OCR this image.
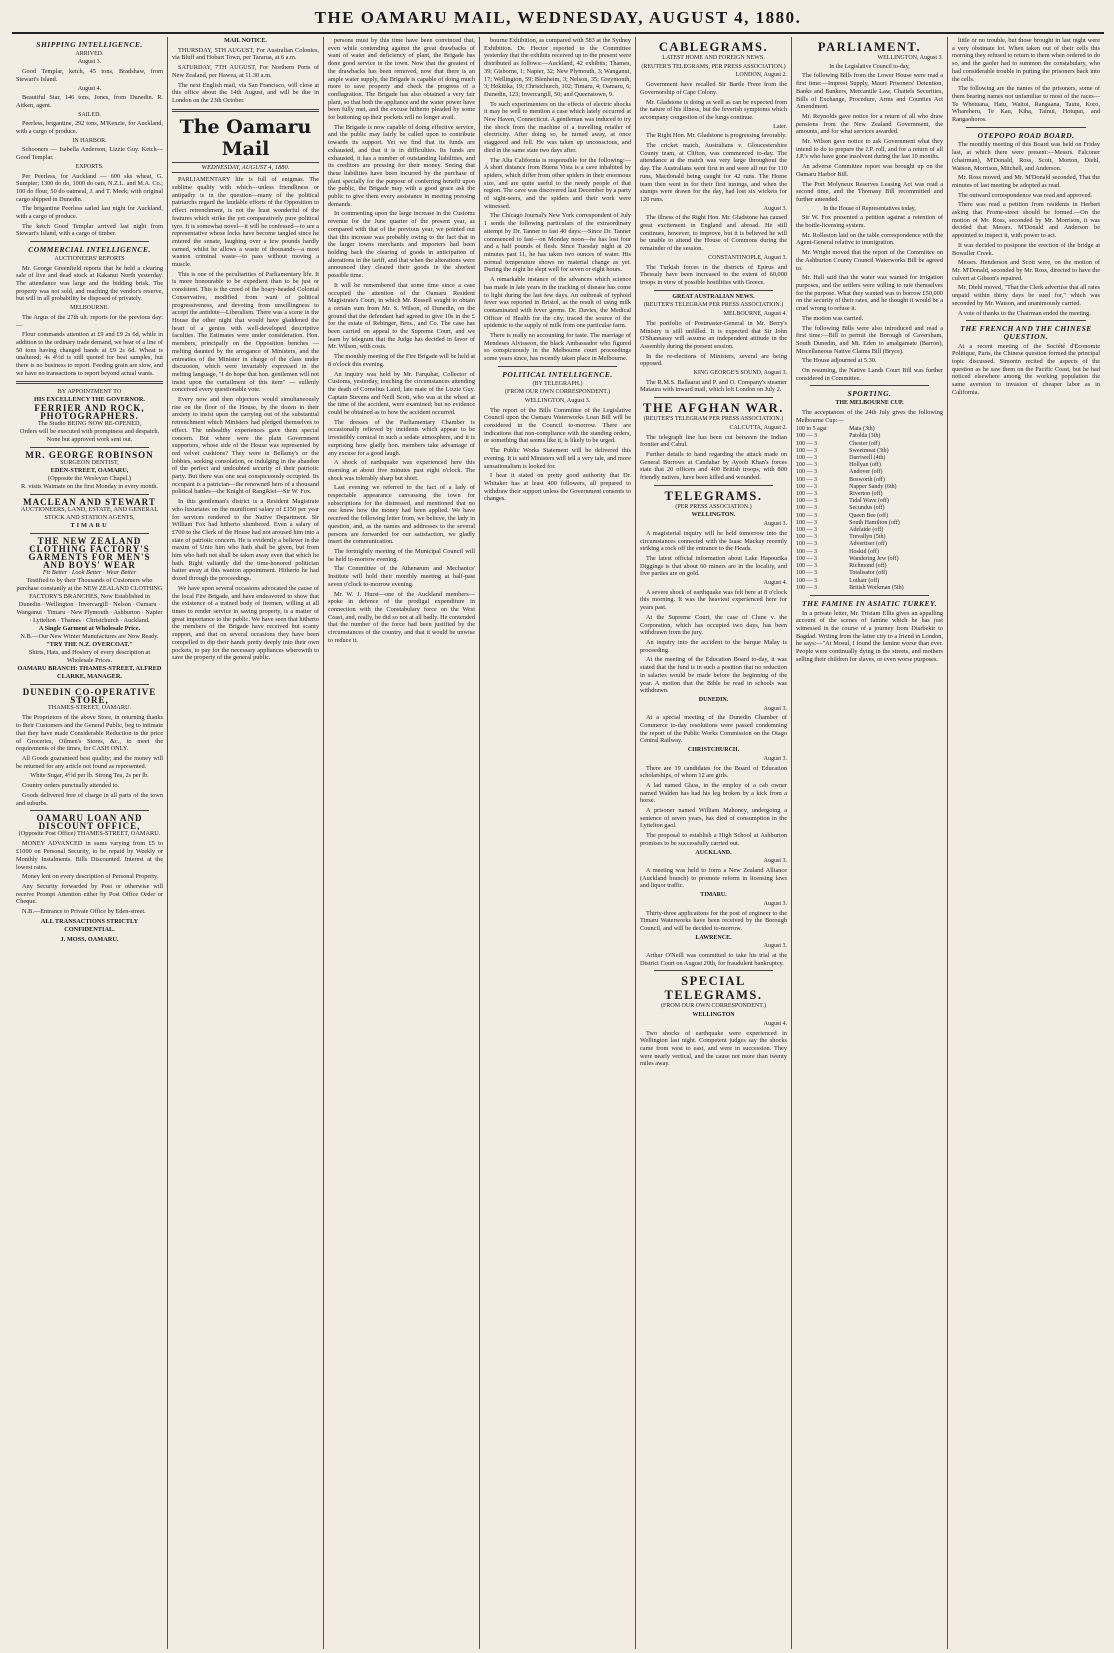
THE OAMARU MAIL, WEDNESDAY, AUGUST 4, 1880.
SHIPPING INTELLIGENCE.
ARRIVED.
August 3.

Good Templar, ketch, 45 tons, Bradshaw, from Stewart's Island.

August 4.

Beautiful Star, 146 tons, Jones, from Dunedin. R. Aitken, agent.

SAILED.

Peerless, brigantine, 292 tons, M'Kenzie, for Auckland, with a cargo of produce.

IN HARBOR.

Schooners — Isabella Anderson, Lizzie Guy. Ketch—Good Templar.

EXPORTS.

Per Peerless, for Auckland — 600 sks wheat, G. Sumpter; 1300 do do, 1000 do oats, N.Z.L. and M.A. Co.; 100 do flour, 50 do oatmeal, J. and T. Meek; with original cargo shipped in Dunedin.

The brigantine Peerless sailed last night for Auckland, with a cargo of produce.

The ketch Good Templar arrived last night from Stewart's Island, with a cargo of timber.

COMMERCIAL INTELLIGENCE.
AUCTIONEERS' REPORTS

Mr. George Greenfield reports that he held a clearing sale of live and dead stock at Kakanui North yesterday. The attendance was large and the bidding brisk. The property was not sold, and reaching the vendor's reserve, but will in all probability be disposed of privately.

MELBOURNE.

The Argus of the 27th ult. reports for the previous day:—

Flour commands attention at £9 and £9 2s 6d, while in addition to the ordinary trade demand, we hear of a line of 50 tons having changed hands at £9 2s 6d. Wheat is unaltered; 4s 4½d is still quoted for best samples, but there is no business to report. Feeding grain are slow, and we have no transactions to report beyond actual wants.

BY APPOINTMENT TO
HIS EXCELLENCY THE GOVERNOR.
FERRIER AND ROCK, PHOTOGRAPHERS.
The Studio BEING NOW RE-OPENED,
Orders will be executed with promptness and despatch. None but approved work sent out.
MR. GEORGE ROBINSON
SURGEON DENTIST,
EDEN-STREET, OAMARU,
(Opposite the Wesleyan Chapel.)
R. visits Waimate on the first Monday in every month.
MACLEAN AND STEWART
AUCTIONEERS, LAND, ESTATE, AND GENERAL STOCK AND STATION AGENTS,
TIMARU
THE NEW ZEALAND CLOTHING FACTORY'S GARMENTS FOR MEN'S AND BOYS' WEAR
Fit Better · Look Better · Wear Better
Testified to by their Thousands of Customers who purchase constantly at the NEW ZEALAND CLOTHING FACTORY'S BRANCHES, Now Established in
Dunedin · Wellington · Invercargill · Nelson · Oamaru · Wanganui · Timaru · New Plymouth · Ashburton · Napier · Lyttelton · Thames · Christchurch · Auckland.
A Single Garment at Wholesale Price.
N.B.—Our New Winter Manufactures are Now Ready.
"TRY THE N.Z. OVERCOAT."
Shirts, Hats, and Hosiery of every description at Wholesale Prices.
OAMARU BRANCH: THAMES-STREET, ALFRED CLARKE, MANAGER.
DUNEDIN CO-OPERATIVE STORE,
THAMES-STREET, OAMARU.

The Proprietors of the above Store, in returning thanks to their Customers and the General Public, beg to intimate that they have made Considerable Reduction in the price of Groceries, Oilmen's Stores, &c., to meet the requirements of the times, for CASH ONLY.

All Goods guaranteed best quality; and the money will be returned for any article not found as represented.

White Sugar, 4½d per lb. Strong Tea, 2s per lb.

Country orders punctually attended to.

Goods delivered free of charge in all parts of the town and suburbs.

OAMARU LOAN AND DISCOUNT OFFICE,
(Opposite Post Office) THAMES-STREET, OAMARU.

MONEY ADVANCED in sums varying from £5 to £1000 on Personal Security, to be repaid by Weekly or Monthly Instalments. Bills Discounted. Interest at the lowest rates.

Money lent on every description of Personal Property.

Any Security forwarded by Post or otherwise will receive Prompt Attention either by Post Office Order or Cheque.

N.B.—Entrance to Private Office by Eden-street.

ALL TRANSACTIONS STRICTLY CONFIDENTIAL.
J. MOSS, OAMARU.
MAIL NOTICE.

THURSDAY, 5TH AUGUST, For Australian Colonies, via Bluff and Hobart Town, per Tararua, at 6 a.m.

SATURDAY, 7TH AUGUST, For Northern Ports of New Zealand, per Hawea, at 11.30 a.m.

The next English mail, via San Francisco, will close at this office about the 14th August, and will be due in London on the 23th October.

The Oamaru Mail
WEDNESDAY, AUGUST 4, 1880.

PARLIAMENTARY life is full of enigmas. The sublime quality with which—unless friendliness or antipathy is in the question—many of the political patriarchs regard the laudable efforts of the Opposition to effect retrenchment, is not the least wonderful of the features which strike the yet comparatively pure political tyro. It is somewhat novel—it will be confessed—to see a representative whose locks have become tangled since he entered the senate, laughing over a few pounds hardly earned, whilst he allows a waste of thousands—a most wanton criminal waste—to pass without moving a muscle.

This is one of the peculiarities of Parliamentary life. It is more honourable to be expedient than to be just or consistent. This is the creed of the hoary-headed Colonial Conservative, modified from want of political progressiveness, and devoting from unwillingness to accept the antidote—Liberalism. There was a scene in the House the other night that would have gladdened the heart of a genius with well-developed descriptive faculties. The Estimates were under consideration. Hon. members, principally on the Opposition benches — melting daunted by the arrogance of Ministers, and the entreaties of the Minister in charge of the class under discussion, which were invariably expressed in the melting language, "I do hope that hon. gentlemen will not insist upon the curtailment of this item" — sullenly conceived every questionable vote.

Every now and then objectors would simultaneously rise on the floor of the House, by the dozen in their anxiety to insist upon the carrying out of the substantial retrenchment which Ministers had pledged themselves to effect. The unhealthy experiences gave them special concern. But where were the plain Government supporters, whose side of the House was represented by red velvet cushions? They were in Bellamy's or the lobbies, seeking consolation, or indulging in the abandon of the perfect and undoubted security of their patriotic party. But there was one seat conspicuously occupied. Its occupant is a patrician—the renowned hero of a thousand political battles—the Knight of Rangikiei—Sir W. Fox.

In this gentleman's district is a Resident Magistrate who luxuriates on the munificent salary of £150 per year for services rendered to the Native Department. Sir William Fox had hitherto slumbered. Even a salary of £700 to the Clerk of the House had not aroused him into a state of patriotic concern. He is evidently a believer in the maxim of Unto him who hath shall be given, but from him who hath not shall be taken away even that which he hath. Right valiantly did the time-honored politician batter away at this wanton appointment. Hitherto he had dozed through the proceedings.

We have upon several occasions advocated the cause of the local Fire Brigade, and have endeavored to show that the existence of a trained body of firemen, willing at all times to render service in saving property, is a matter of great importance to the public. We have seen that hitherto the members of the Brigade have received but scanty support, and that on several occasions they have been compelled to dip their hands pretty deeply into their own pockets, to pay for the necessary appliances wherewith to save the property of the general public.

persons must by this time have been convinced that, even while contending against the great drawbacks of want of water and deficiency of plant, the Brigade has done good service in the town. Now that the greatest of the drawbacks has been removed, now that there is an ample water supply, the Brigade is capable of doing much more to save property and check the progress of a conflagration. The Brigade has also obtained a very fair plant, so that both the appliance and the water power have been fully met, and the excuse hitherto pleaded by some for buttoning up their pockets will no longer avail.

The Brigade is now capable of doing effective service, and the public may fairly be called upon to contribute towards its support. Yet we find that its funds are exhausted, and that it is in difficulties. Its funds are exhausted, it has a number of outstanding liabilities, and its creditors are pressing for their money. Seeing that these liabilities have been incurred by the purchase of plant specially for the purpose of conferring benefit upon the public, the Brigade may with a good grace ask the public to give them every assistance in meeting pressing demands.

In commenting upon the large increase in the Customs revenue for the June quarter of the present year, as compared with that of the previous year, we pointed out that this increase was probably owing to the fact that in the larger towns merchants and importers had been holding back the clearing of goods in anticipation of alterations in the tariff, and that when the alterations were announced they cleared their goods in the shortest possible time.

It will be remembered that some time since a case occupied the attention of the Oamaru Resident Magistrate's Court, in which Mr. Russell sought to obtain a certain sum from Mr. S. Wilson, of Dunedin, on the ground that the defendant had agreed to give 10s in the £ for the estate of Rebinger, Bros., and Co. The case has been carried on appeal to the Supreme Court, and we learn by telegram that the Judge has decided in favor of Mr. Wilson, with costs.

The monthly meeting of the Fire Brigade will be held at 8 o'clock this evening.

An inquiry was held by Mr. Farquhar, Collector of Customs, yesterday, touching the circumstances attending the death of Cornelius Laird, late mate of the Lizzie Guy. Captain Stevens and Neill Scott, who was at the wheel at the time of the accident, were examined; but no evidence could be obtained as to how the accident occurred.

The dresses of the Parliamentary Chamber is occasionally relieved by incidents which appear to be irresistibly comical in such a sedate atmosphere, and it is surprising how gladly hon. members take advantage of any excuse for a good laugh.

A shock of earthquake was experienced here this morning at about five minutes past eight o'clock. The shock was tolerably sharp but short.

Last evening we referred to the fact of a lady of respectable appearance canvassing the town for subscriptions for the distressed, and mentioned that no one knew how the money had been applied. We have received the following letter from, we believe, the lady in question, and, as the names and addresses to the several persons are forwarded for our satisfaction, we gladly insert the communication.

The fortnightly meeting of the Municipal Council will be held to-morrow evening.

The Committee of the Athenæum and Mechanics' Institute will hold their monthly meeting at half-past seven o'clock to-morrow evening.

Mr. W. J. Hurst—one of the Auckland members—spoke in defence of the prodigal expenditure in connection with the Constabulary force on the West Coast, and, really, he did so not at all badly. He contended that the number of the force had been justified by the circumstances of the country, and that it would be unwise to reduce it.

bourne Exhibition, as compared with 583 at the Sydney Exhibition. Dr. Hector reported to the Committee yesterday that the exhibits received up to the present were distributed as follows:—Auckland, 42 exhibits; Thames, 39; Gisborne, 1; Napier, 32; New Plymouth, 3; Wanganui, 17; Wellington, 59; Blenheim, 3; Nelson, 35; Greymouth, 3; Hokitika, 19; Christchurch, 102; Timaru, 4; Oamaru, 6; Dunedin, 123; Invercargill, 50; and Queenstown, 9.

To such experimenters on the effects of electric shocks it may be well to mention a case which lately occurred at New Haven, Connecticut. A gentleman was induced to try the shock from the machine of a travelling retailer of electricity. After doing so, he turned away, at once staggered and fell. He was taken up unconscious, and died in the same state two days after.

The Alta California is responsible for the following:—A short distance from Buena Vista is a cave inhabited by spiders, which differ from other spiders in their enormous size, and are quite useful to the needy people of that region. The cave was discovered last December by a party of sight-seers, and the spiders and their work were witnessed.

The Chicago Journal's New York correspondent of July 1 sends the following particulars of the extraordinary attempt by Dr. Tanner to fast 40 days:—Since Dr. Tanner commenced to fast—on Monday noon—he has lost four and a half pounds of flesh. Since Tuesday night at 20 minutes past 11, he has taken two ounces of water. His normal temperature shows no material change as yet. During the night he slept well for seven or eight hours.

A remarkable instance of the advances which science has made in late years in the tracking of disease has come to light during the last few days. An outbreak of typhoid fever was reported in Bristol, as the result of using milk contaminated with fever germs. Dr. Davies, the Medical Officer of Health for the city, traced the source of the epidemic to the supply of milk from one particular farm.

There is really no accounting for taste. The marriage of Mendeses Alvisseon, the black Ambassador who figured so conspicuously in the Melbourne court proceedings some years since, has recently taken place in Melbourne.

POLITICAL INTELLIGENCE.
(BY TELEGRAPH.)
(FROM OUR OWN CORRESPONDENT.)
WELLINGTON, August 3.

The report of the Bills Committee of the Legislative Council upon the Oamaru Waterworks Loan Bill will be considered in the Council to-morrow. There are indications that non-compliance with the standing orders, or something that seems like it, is likely to be urged.

The Public Works Statement will be delivered this evening. It is said Ministers will tell a very tale, and more sensationalism is looked for.

I hear it stated on pretty good authority that Dr. Whitaker has at least 400 followers, all prepared to withdraw their support unless the Government consents to changes.

CABLEGRAMS.
LATEST HOME AND FOREIGN NEWS.
(REUTER'S TELEGRAMS, PER PRESS ASSOCIATION.)
LONDON, August 2.

Government have recalled Sir Bartle Frere from the Governorship of Cape Colony.

Mr. Gladstone is doing as well as can be expected from the nature of his illness, but the feverish symptoms which accompany congestion of the lungs continue.

Later.

The Right Hon. Mr. Gladstone is progressing favorably.

The cricket match, Australians v. Gloucestershire County team, at Clifton, was commenced to-day. The attendance at the match was very large throughout the day. The Australians went first in and were all out for 110 runs, Macdonald being caught for 42 runs. The Home team then went in for their first innings, and when the stumps were drawn for the day, had lost six wickets for 120 runs.

August 3.

The illness of the Right Hon. Mr. Gladstone has caused great excitement in England and abroad. He still continues, however, to improve, but it is believed he will be unable to attend the House of Commons during the remainder of the session.

CONSTANTINOPLE, August 3.

The Turkish forces in the districts of Epirus and Thessaly have been increased to the extent of 60,000 troops in view of possible hostilities with Greece.

GREAT AUSTRALIAN NEWS.
(REUTER'S TELEGRAM PER PRESS ASSOCIATION.)
MELBOURNE, August 4.

The portfolio of Postmaster-General in Mr. Berry's Ministry is still unfilled. It is expected that Sir John O'Shannassy will assume an independent attitude in the Assembly during the present session.

In the re-elections of Ministers, several are being opposed.

KING GEORGE'S SOUND, August 3.

The R.M.S. Ballaarat and P. and O. Company's steamer Mataura with inward mail, which left London on July 2.

THE AFGHAN WAR.
(REUTER'S TELEGRAM PER PRESS ASSOCIATION.)
CALCUTTA, August 2.

The telegraph line has been cut between the Indian frontier and Cabul.

Further details to hand regarding the attack made on General Burrows at Candahar by Ayoob Khan's forces state that 20 officers and 400 British troops, with 800 friendly natives, have been killed and wounded.

TELEGRAMS.
(PER PRESS ASSOCIATION.)
WELLINGTON.
August 3.

A magisterial inquiry will be held tomorrow into the circumstances connected with the Isaac Mackay recently striking a rock off the entrance to the Heads.

The latest official information about Lake Hapourika Diggings is that about 60 miners are in the locality, and five parties are on gold.

August 4.

A severe shock of earthquake was felt here at 8 o'clock this morning. It was the heaviest experienced here for years past.

At the Supreme Court, the case of Clune v. the Corporation, which has occupied two days, has been withdrawn from the jury.

An inquiry into the accident to the barque Malay is proceeding.

At the meeting of the Education Board to-day, it was stated that the fund is in such a position that no reduction in salaries would be made before the beginning of the year. A motion that the Bible be read in schools was withdrawn.

DUNEDIN.
August 3.

At a special meeting of the Dunedin Chamber of Commerce to-day resolutions were passed condemning the report of the Public Works Commission on the Otago Central Railway.

CHRISTCHURCH.
August 3.

There are 19 candidates for the Board of Education scholarships, of whom 12 are girls.

A lad named Glass, in the employ of a cab owner named Walden has had his leg broken by a kick from a horse.

A prisoner named William Mahoney, undergoing a sentence of seven years, has died of consumption in the Lyttelton gaol.

The proposal to establish a High School at Ashburton promises to be successfully carried out.

AUCKLAND.
August 3.

A meeting was held to form a New Zealand Alliance (Auckland branch) to promote reform in licensing laws and liquor traffic.

TIMARU.
August 3.

Thirty-three applications for the post of engineer to the Timaru Waterworks have been received by the Borough Council, and will be decided to-morrow.

LAWRENCE.
August 3.

Arthur O'Neill was committed to take his trial at the District Court on August 20th, for fraudulent bankruptcy.

SPECIAL TELEGRAMS.
(FROM OUR OWN CORRESPONDENT.)
WELLINGTON
August 4.

Two shocks of earthquake were experienced in Wellington last night. Competent judges say the shocks came from west to east, and were in succession. They were nearly vertical, and the cause not more than twenty miles away.

PARLIAMENT.
WELLINGTON, August 3.
In the Legislative Council to-day,

The following Bills from the Lower House were read a first time:—Imprest Supply, Maori Prisoners' Detention, Banks and Bankers, Mercantile Law, Chattels Securities, Bills of Exchange, Procedure, Arms and Counties Act Amendment.

Mr. Reynolds gave notice for a return of all who draw pensions from the New Zealand Government, the amounts, and for what services awarded.

Mr. Wilson gave notice to ask Government what they intend to do to prepare the J.P. roll, and for a return of all J.P.'s who have gone insolvent during the last 10 months.

An adverse Committee report was brought up on the Oamaru Harbor Bill.

The Port Molyneux Reserves Leasing Act was read a second time, and the Thomasy Bill recommitted and further amended.

In the House of Representatives today,

Sir W. Fox presented a petition against a retention of the bottle-licensing system.

Mr. Rolleston laid on the table correspondence with the Agent-General relative to immigration.

Mr. Wright moved that the report of the Committee on the Ashburton County Council Waterworks Bill be agreed to.

Mr. Hall said that the water was wanted for irrigation purposes, and the settlers were willing to rate themselves for the purpose. What they wanted was to borrow £50,000 on the security of their rates, and he thought it would be a cruel wrong to refuse it.

The motion was carried.

The following Bills were also introduced and read a first time:—Bill to permit the Borough of Caversham, South Dunedin, and Mt. Eden to amalgamate (Barron), Miscellaneous Native Claims Bill (Bryce).

The House adjourned at 5.30.

On resuming, the Native Lands Court Bill was further considered in Committee.

SPORTING.
THE MELBOURNE CUP.

The acceptances of the 24th July gives the following Melbourne Cup:—

100 to 5 agst	Mata (3th)
100 — 3	Patolda (3th)
100 — 3	Chester (off)
100 — 3	Sweetmeat (3th)
100 — 3	Darriwell (4th)
100 — 3	Hollyan (off)
100 — 3	Andover (off)
100 — 3	Bosworth (off)
100 — 3	Napper Sandy (6th)
100 — 3	Riverton (off)
100 — 3	Tidal Wave (off)
100 — 3	Secundus (off)
100 — 3	Queen Bee (off)
100 — 3	South Hamilton (off)
100 — 3	Adelaide (off)
100 — 3	Trevallyn (5th)
100 — 3	Advertiser (off)
100 — 3	Hoskid (off)
100 — 3	Wandering Jew (off)
100 — 3	Richmond (off)
100 — 3	Totalisator (off)
100 — 3	Lothair (off)
100 — 3	British Workman (5th)
THE FAMINE IN ASIATIC TURKEY.

In a private letter, Mr. Tristam Ellis gives an appalling account of the scenes of famine which he has just witnessed in the course of a journey from Diarbekir to Bagdad. Writing from the latter city to a friend in London, he says:—"At Mosul, I found the famine worse than ever. People were continually dying in the streets, and mothers selling their children for slaves, or even worse purposes.

little or no trouble, but those brought in last night were a very obstinate lot. When taken out of their cells this morning they refused to return to them when ordered to do so, and the gaoler had to summon the constabulary, who had considerable trouble in putting the prisoners back into the cells.

The following are the names of the prisoners, some of them bearing names not unfamiliar to most of the races—Te Whetuana, Hatu, Waitoi, Rangaana, Tautu, Koro, Whareheru, Te Kau, Kiha, Tainui, Hotupai, and Rangaohoros.

OTEPOPO ROAD BOARD.

The monthly meeting of this Board was held on Friday last, at which there were present:—Messrs. Falconer (chairman), M'Donald, Ross, Scott, Morton, Diehl, Watson, Morrison, Mitchell, and Anderson.

Mr. Ross moved, and Mr. M'Donald seconded, That the minutes of last meeting be adopted as read.

The outward correspondence was read and approved.

There was read a petition from residents in Herbert asking that Frome-street should be formed.—On the motion of Mr. Ross, seconded by Mr. Morrison, it was decided that Messrs. M'Donald and Anderson be appointed to inspect it, with power to act.

It was decided to postpone the erection of the bridge at Bowaller Creek.

Messrs. Henderson and Scott were, on the motion of Mr. M'Donald, seconded by Mr. Ross, directed to have the culvert at Gibson's repaired.

Mr. Diehl moved, "That the Clerk advertise that all rates unpaid within thirty days be sued for," which was seconded by Mr. Watson, and unanimously carried.

A vote of thanks to the Chairman ended the meeting.

THE FRENCH AND THE CHINESE QUESTION.

At a recent meeting of the Société d'Economie Politique, Paris, the Chinese question formed the principal topic discussed. Simonin recited the aspects of the question as he saw them on the Pacific Coast, but he had noticed elsewhere among the working population the same aversion to invasion of cheaper labor as in California.
